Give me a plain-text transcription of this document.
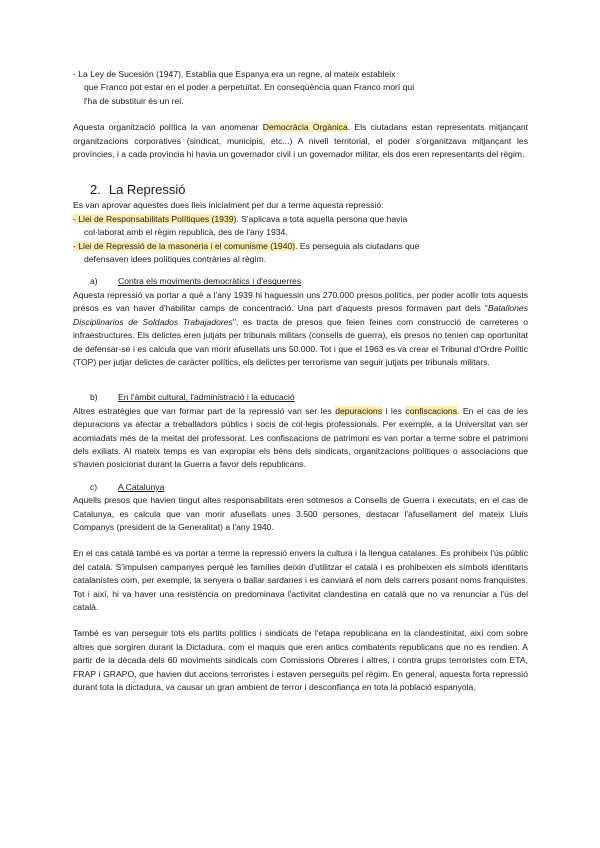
- La Ley de Sucesión (1947). Establia que Espanya era un regne, al mateix estableix

que Franco pot estar en el poder a perpetuïtat. En conseqüència quan Franco morí qui

l'ha de substituir és un rei.

Aquesta organització política la van anomenar Democràcia Orgànica. Els ciutadans estan representats mitjançant organitzacions corporatives (sindicat, municipis, etc...) A nivell territorial, el poder s'organitzava mitjançant les províncies, i a cada província hi havia un governador civil i un governador militar, els dos eren representants del règim.

2. La Repressió

Es van aprovar aquestes dues lleis inicialment per dur a terme aquesta repressió:

- Llei de Responsabilitats Polítiques (1939). S'aplicava a tota aquella persona que havia

col·laborat amb el règim republicà, des de l'any 1934.

- Llei de Repressió de la masoneria i el comunisme (1940). Es perseguia als ciutadans que

defensaven idees polítiques contràries al règim.

a) Contra els moviments democràtics i d'esquerres

Aquesta repressió va portar a què a l'any 1939 hi haguessin uns 270.000 presos polítics, per poder acollir tots aquests presos es van haver d'habilitar camps de concentració. Una part d'aquests presos formaven part dels "Batallones Disciplinarios de Soldados Trabajadores", es tracta de presos que feien feines com construcció de carreteres o infraestructures. Els delictes eren jutjats per tribunals militars (consells de guerra), els presos no tenien cap oportunitat de defensar-se i es calcula que van morir afusellats uns 50.000. Tot i que el 1963 es va crear el Tribunal d'Ordre Polític (TOP) per jutjar delictes de caràcter polítics, els delictes per terrorisme van seguir jutjats per tribunals militars.

b) En l'àmbit cultural, l'administració i la educació

Altres estratègies que van formar part de la repressió van ser les depuracions i les confiscacions. En el cas de les depuracions va afectar a treballadors públics i socis de col·legis professionals. Per exemple, a la Universitat van ser acomiadats més de la meitat del professorat. Les confiscacions de patrimoni es van portar a terme sobre el patrimoni dels exiliats. Al mateix temps es van expropiar els béns dels sindicats, organitzacions polítiques o associacions que s'havien posicionat durant la Guerra a favor dels republicans.

c) A Catalunya

Aquells presos que havien tingut altes responsabilitats eren sotmesos a Consells de Guerra i executats, en el cas de Catalunya, es calcula que van morir afusellats unes 3.500 persones, destacar l'afusellament del mateix Lluís Companys (president de la Generalitat) a l'any 1940.

En el cas català també es va portar a terme la repressió envers la cultura i la llengua catalanes. Es prohibeix l'ús públic del català. S'impulsen campanyes perquè les famílies deixin d'utilitzar el català i es prohibeixen els símbols identitaris catalanistes com, per exemple, la senyera o ballar sardanes i es canviarà el nom dels carrers posant noms franquistes. Tot i així, hi va haver una resistència on predominava l'activitat clandestina en català que no va renunciar a l'ús del català.

També es van perseguir tots els partits polítics i sindicats de l'etapa republicana en la clandestinitat, així com sobre altres que sorgiren durant la Dictadura, com el maquis que eren antics combatents republicans que no es rendien. A partir de la dècada dels 60 moviments sindicals com Comissions Obreres i altres, i contra grups terroristes com ETA, FRAP i GRAPO, que havien dut accions terroristes i estaven perseguits pel règim. En general, aquesta forta repressió durant tota la dictadura, va causar un gran ambient de terror i desconfiança en tota la població espanyola.
